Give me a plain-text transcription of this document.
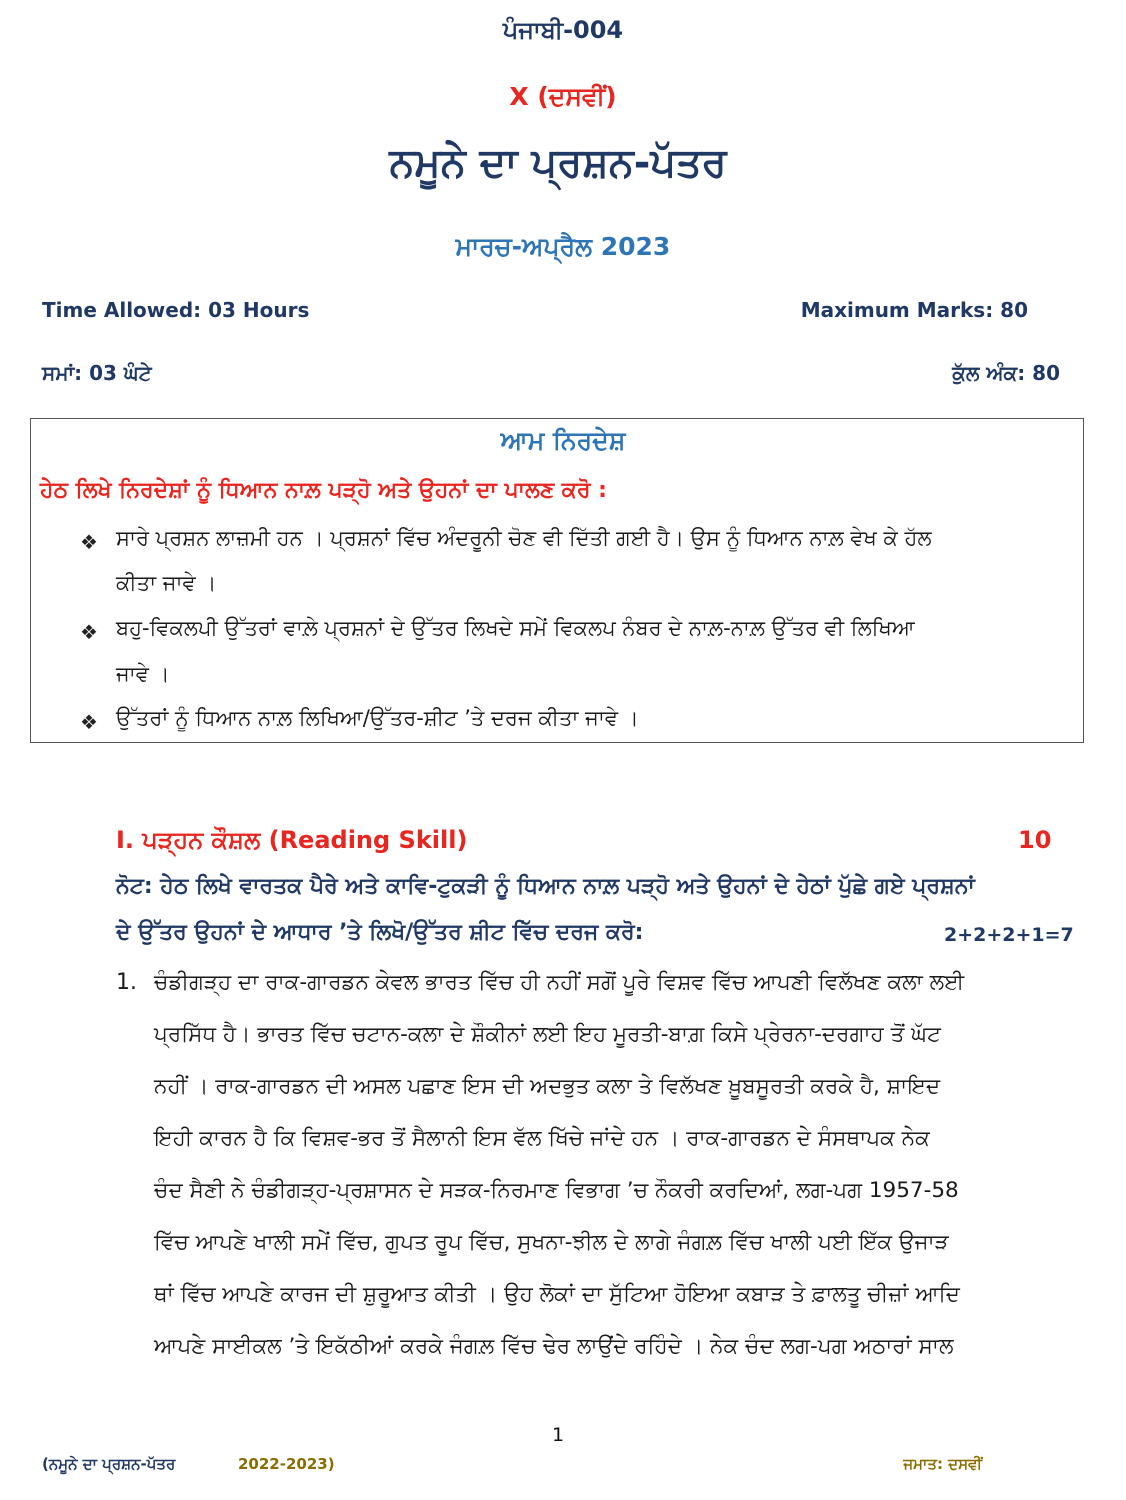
ਪੰਜਾਬੀ-004
X (ਦਸਵੀਂ)
ਨਮੂਨੇ ਦਾ ਪ੍ਰਸ਼ਨ-ਪੱਤਰ
ਮਾਰਚ-ਅਪ੍ਰੈਲ 2023
Time Allowed: 03 Hours	Maximum Marks: 80
ਸਮਾਂ: 03 ਘੰਟੇ	ਕੁੱਲ ਅੰਕ: 80
ਆਮ ਨਿਰਦੇਸ਼
ਹੇਠ ਲਿਖੇ ਨਿਰਦੇਸ਼ਾਂ ਨੂੰ ਧਿਆਨ ਨਾਲ਼ ਪੜ੍ਹੋ ਅਤੇ ਉਹਨਾਂ ਦਾ ਪਾਲਣ ਕਰੋ :
❖ ਸਾਰੇ ਪ੍ਰਸ਼ਨ ਲਾਜ਼ਮੀ ਹਨ । ਪ੍ਰਸ਼ਨਾਂ ਵਿੱਚ ਅੰਦਰੂਨੀ ਚੋਣ ਵੀ ਦਿੱਤੀ ਗਈ ਹੈ। ਉਸ ਨੂੰ ਧਿਆਨ ਨਾਲ਼ ਵੇਖ ਕੇ ਹੱਲ
ਕੀਤਾ ਜਾਵੇ ।
❖ ਬਹੁ-ਵਿਕਲਪੀ ਉੱਤਰਾਂ ਵਾਲ਼ੇ ਪ੍ਰਸ਼ਨਾਂ ਦੇ ਉੱਤਰ ਲਿਖਦੇ ਸਮੇਂ ਵਿਕਲਪ ਨੰਬਰ ਦੇ ਨਾਲ਼-ਨਾਲ਼ ਉੱਤਰ ਵੀ ਲਿਖਿਆ
ਜਾਵੇ ।
❖ ਉੱਤਰਾਂ ਨੂੰ ਧਿਆਨ ਨਾਲ਼ ਲਿਖਿਆ/ਉੱਤਰ-ਸ਼ੀਟ ’ਤੇ ਦਰਜ ਕੀਤਾ ਜਾਵੇ ।
I. ਪੜ੍ਹਨ ਕੌਸ਼ਲ (Reading Skill)	10
ਨੋਟ: ਹੇਠ ਲਿਖੇ ਵਾਰਤਕ ਪੈਰੇ ਅਤੇ ਕਾਵਿ-ਟੁਕੜੀ ਨੂੰ ਧਿਆਨ ਨਾਲ਼ ਪੜ੍ਹੋ ਅਤੇ ਉਹਨਾਂ ਦੇ ਹੇਠਾਂ ਪੁੱਛੇ ਗਏ ਪ੍ਰਸ਼ਨਾਂ
ਦੇ ਉੱਤਰ ਉਹਨਾਂ ਦੇ ਆਧਾਰ ’ਤੇ ਲਿਖੋ/ਉੱਤਰ ਸ਼ੀਟ ਵਿੱਚ ਦਰਜ ਕਰੋ:	2+2+2+1=7
1. ਚੰਡੀਗੜ੍ਹ ਦਾ ਰਾਕ-ਗਾਰਡਨ ਕੇਵਲ ਭਾਰਤ ਵਿੱਚ ਹੀ ਨਹੀਂ ਸਗੋਂ ਪੂਰੇ ਵਿਸ਼ਵ ਵਿੱਚ ਆਪਣੀ ਵਿਲੱਖਣ ਕਲਾ ਲਈ
ਪ੍ਰਸਿੱਧ ਹੈ। ਭਾਰਤ ਵਿੱਚ ਚਟਾਨ-ਕਲਾ ਦੇ ਸ਼ੌਕੀਨਾਂ ਲਈ ਇਹ ਮੂਰਤੀ-ਬਾਗ਼ ਕਿਸੇ ਪ੍ਰੇਰਨਾ-ਦਰਗਾਹ ਤੋਂ ਘੱਟ
ਨਹੀਂ । ਰਾਕ-ਗਾਰਡਨ ਦੀ ਅਸਲ ਪਛਾਣ ਇਸ ਦੀ ਅਦਭੁਤ ਕਲਾ ਤੇ ਵਿਲੱਖਣ ਖ਼ੂਬਸੂਰਤੀ ਕਰਕੇ ਹੈ, ਸ਼ਾਇਦ
ਇਹੀ ਕਾਰਨ ਹੈ ਕਿ ਵਿਸ਼ਵ-ਭਰ ਤੋਂ ਸੈਲਾਨੀ ਇਸ ਵੱਲ ਖਿੱਚੇ ਜਾਂਦੇ ਹਨ । ਰਾਕ-ਗਾਰਡਨ ਦੇ ਸੰਸਥਾਪਕ ਨੇਕ
ਚੰਦ ਸੈਣੀ ਨੇ ਚੰਡੀਗੜ੍ਹ-ਪ੍ਰਸ਼ਾਸਨ ਦੇ ਸੜਕ-ਨਿਰਮਾਣ ਵਿਭਾਗ ’ਚ ਨੌਕਰੀ ਕਰਦਿਆਂ, ਲਗ-ਪਗ 1957-58
ਵਿੱਚ ਆਪਣੇ ਖਾਲੀ ਸਮੇਂ ਵਿੱਚ, ਗੁਪਤ ਰੂਪ ਵਿੱਚ, ਸੁਖਨਾ-ਝੀਲ ਦੇ ਲਾਗੇ ਜੰਗਲ਼ ਵਿੱਚ ਖਾਲੀ ਪਈ ਇੱਕ ਉਜਾੜ
ਥਾਂ ਵਿੱਚ ਆਪਣੇ ਕਾਰਜ ਦੀ ਸ਼ੁਰੂਆਤ ਕੀਤੀ । ਉਹ ਲੋਕਾਂ ਦਾ ਸੁੱਟਿਆ ਹੋਇਆ ਕਬਾੜ ਤੇ ਫ਼ਾਲਤੂ ਚੀਜ਼ਾਂ ਆਦਿ
ਆਪਣੇ ਸਾਈਕਲ ’ਤੇ ਇਕੱਠੀਆਂ ਕਰਕੇ ਜੰਗਲ਼ ਵਿੱਚ ਢੇਰ ਲਾਉਂਦੇ ਰਹਿੰਦੇ । ਨੇਕ ਚੰਦ ਲਗ-ਪਗ ਅਠਾਰਾਂ ਸਾਲ
1
(ਨਮੂਨੇ ਦਾ ਪ੍ਰਸ਼ਨ-ਪੱਤਰ	2022-2023)	ਜਮਾਤ: ਦਸਵੀਂ
